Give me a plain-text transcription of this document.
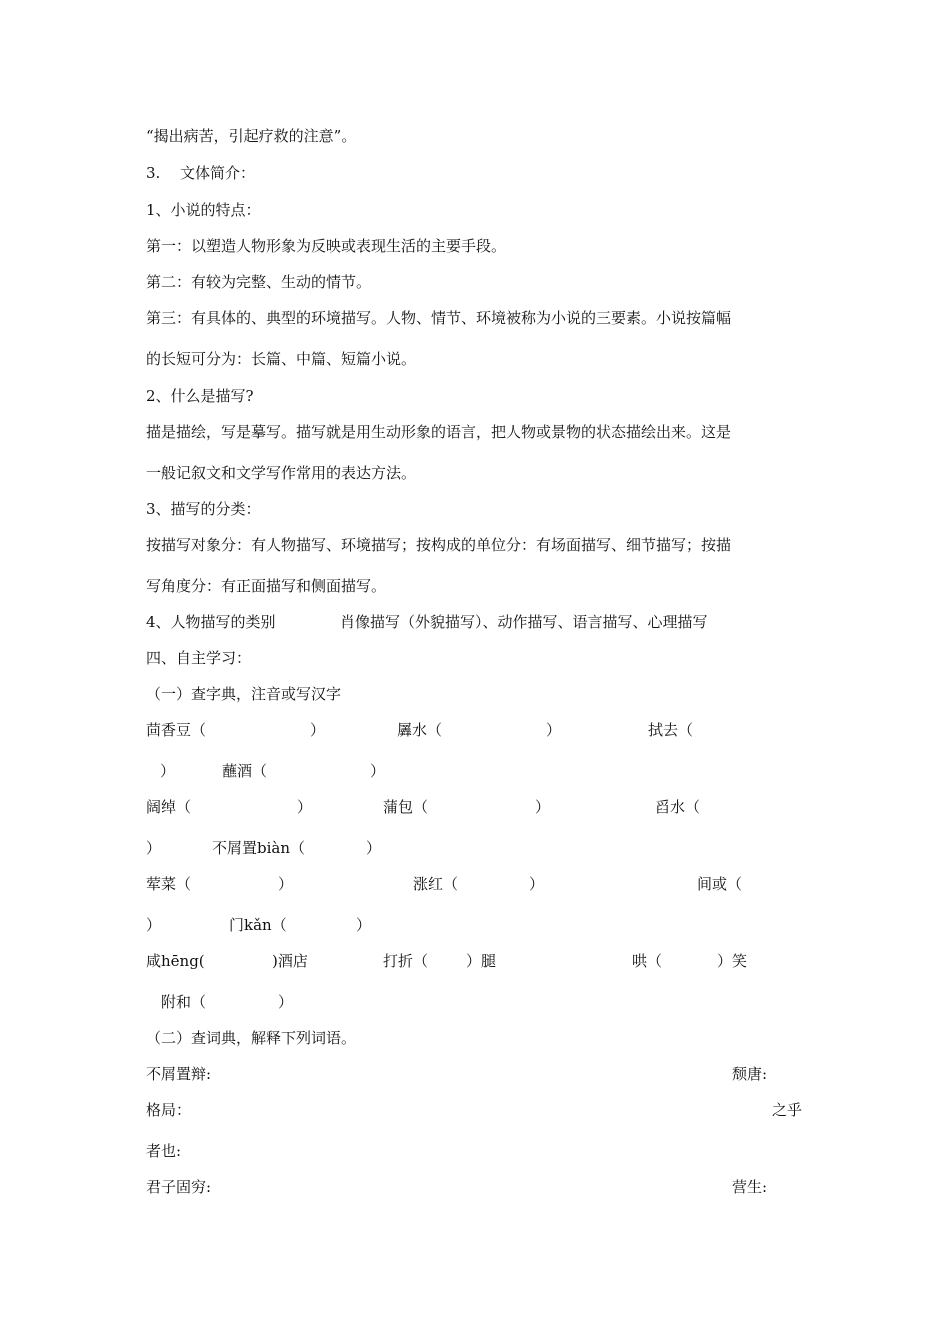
“揭出病苦，引起疗救的注意”。
3. 文体简介：
1、小说的特点：
第一：以塑造人物形象为反映或表现生活的主要手段。
第二：有较为完整、生动的情节。
第三：有具体的、典型的环境描写。人物、情节、环境被称为小说的三要素。小说按篇幅
的长短可分为：长篇、中篇、短篇小说。
2、什么是描写?
描是描绘，写是摹写。描写就是用生动形象的语言，把人物或景物的状态描绘出来。这是
一般记叙文和文学写作常用的表达方法。
3、描写的分类：
按描写对象分：有人物描写、环境描写；按构成的单位分：有场面描写、细节描写；按描
写角度分：有正面描写和侧面描写。
4、人物描写的类别	肖像描写（外貌描写）、动作描写、语言描写、心理描写
四、自主学习：
（一）查字典，注音或写汉字
茴香豆（	）	羼水（	）	拭去（
）	蘸酒（	）
阔绰（	）	蒲包（	）	舀水（
）	不屑置biàn（	）
荤菜（	）	涨红（	）	间或（
）	门kǎn（	）
咸hēng(	)酒店	打折（	）腿	哄（	）笑
附和（	）
（二）查词典，解释下列词语。
不屑置辩:	颓唐:
格局：	之乎
者也:
君子固穷:	营生:
